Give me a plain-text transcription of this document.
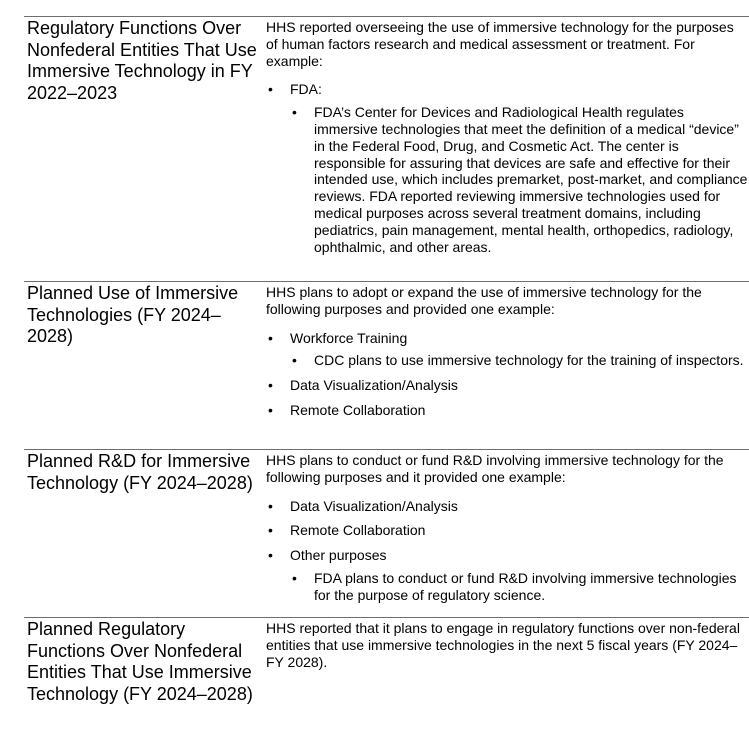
Regulatory Functions Over Nonfederal Entities That Use Immersive Technology in FY 2022–2023

HHS reported overseeing the use of immersive technology for the purposes of human factors research and medical assessment or treatment. For example:

• FDA:
• FDA’s Center for Devices and Radiological Health regulates immersive technologies that meet the definition of a medical “device” in the Federal Food, Drug, and Cosmetic Act. The center is responsible for assuring that devices are safe and effective for their intended use, which includes premarket, post-market, and compliance reviews. FDA reported reviewing immersive technologies used for medical purposes across several treatment domains, including pediatrics, pain management, mental health, orthopedics, radiology, ophthalmic, and other areas.
Planned Use of Immersive Technologies (FY 2024–2028)

HHS plans to adopt or expand the use of immersive technology for the following purposes and provided one example:

• Workforce Training
• CDC plans to use immersive technology for the training of inspectors.
• Data Visualization/Analysis
• Remote Collaboration
Planned R&D for Immersive Technology (FY 2024–2028)

HHS plans to conduct or fund R&D involving immersive technology for the following purposes and it provided one example:

• Data Visualization/Analysis
• Remote Collaboration
• Other purposes
• FDA plans to conduct or fund R&D involving immersive technologies for the purpose of regulatory science.
Planned Regulatory Functions Over Nonfederal Entities That Use Immersive Technology (FY 2024–2028)

HHS reported that it plans to engage in regulatory functions over non-federal entities that use immersive technologies in the next 5 fiscal years (FY 2024–FY 2028).
